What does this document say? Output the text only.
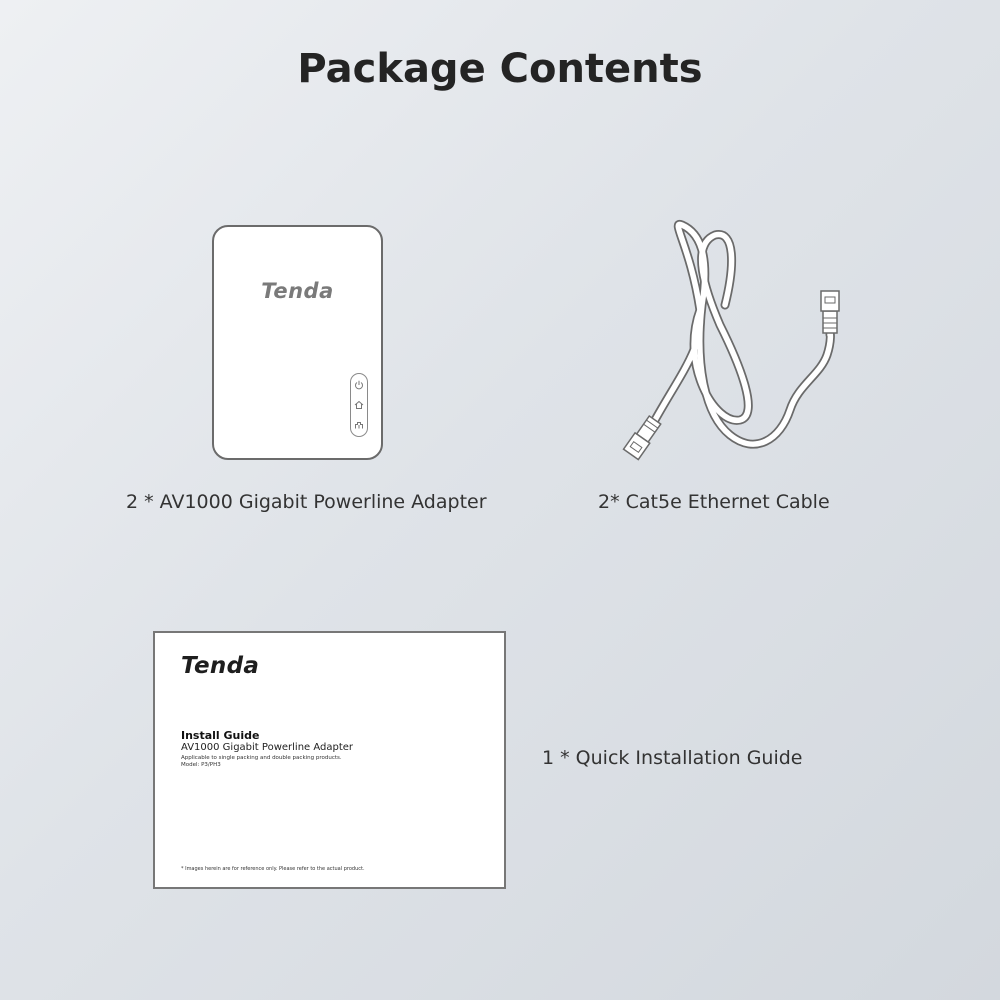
Package Contents
Tenda
2 * AV1000 Gigabit Powerline Adapter	2* Cat5e Ethernet Cable
Tenda
Install Guide
AV1000 Gigabit Powerline Adapter
Applicable to single packing and double packing products.
Model: P3/PH3
* Images herein are for reference only. Please refer to the actual product.
1 * Quick Installation Guide
